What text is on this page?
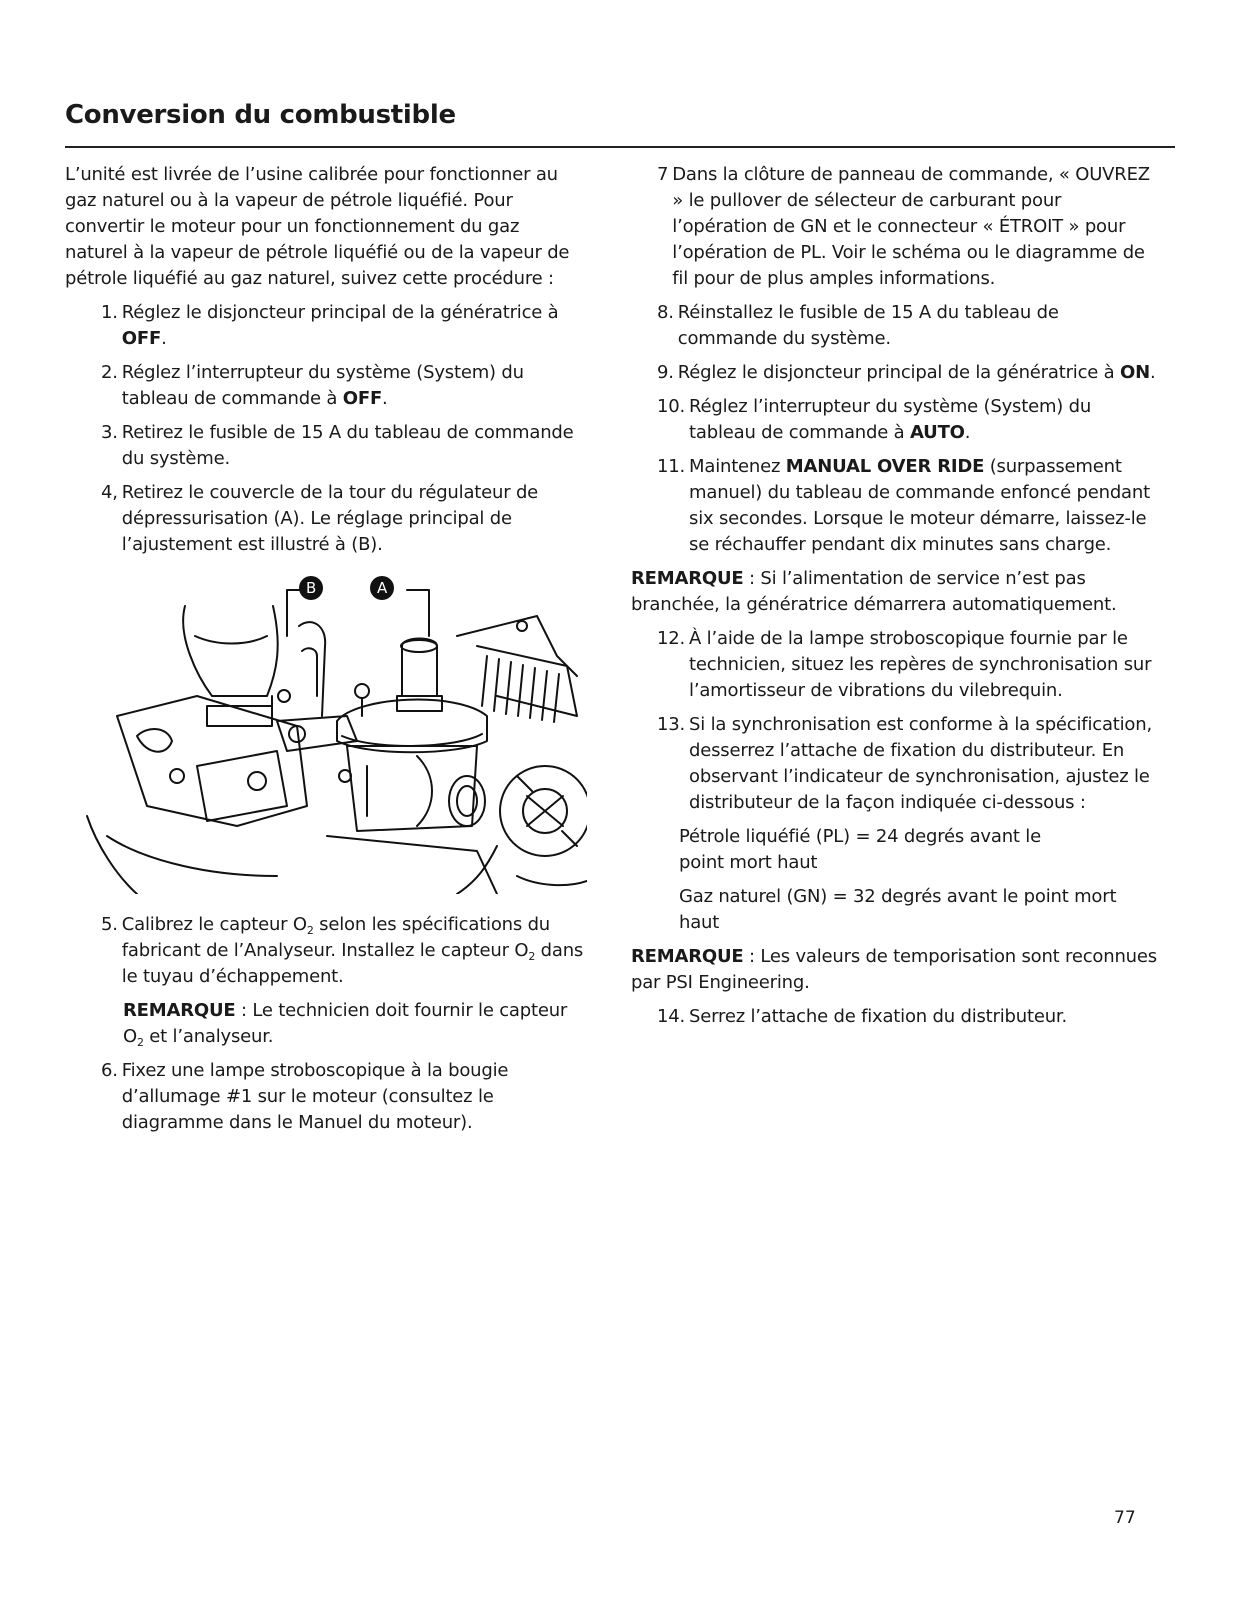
Conversion du combustible

L’unité est livrée de l’usine calibrée pour fonctionner au gaz naturel ou à la vapeur de pétrole liquéfié. Pour convertir le moteur pour un fonctionnement du gaz naturel à la vapeur de pétrole liquéfié ou de la vapeur de pétrole liquéfié au gaz naturel, suivez cette procédure :

1. Réglez le disjoncteur principal de la génératrice à OFF.
2. Réglez l’interrupteur du système (System) du tableau de commande à OFF.
3. Retirez le fusible de 15 A du tableau de commande du système.
4, Retirez le couvercle de la tour du régulateur de dépressurisation (A). Le réglage principal de l’ajustement est illustré à (B).
B	A
5. Calibrez le capteur $O_2$ selon les spécifications du fabricant de l’Analyseur. Installez le capteur $O_2$ dans le tuyau d’échappement.

REMARQUE : Le technicien doit fournir le capteur $O_2$ et l’analyseur.

6. Fixez une lampe stroboscopique à la bougie d’allumage #1 sur le moteur (consultez le diagramme dans le Manuel du moteur).
7 Dans la clôture de panneau de commande, « OUVREZ » le pullover de sélecteur de carburant pour l’opération de GN et le connecteur « ÉTROIT » pour l’opération de PL. Voir le schéma ou le diagramme de fil pour de plus amples informations.
8. Réinstallez le fusible de 15 A du tableau de commande du système.
9. Réglez le disjoncteur principal de la génératrice à ON.
10. Réglez l’interrupteur du système (System) du tableau de commande à AUTO.
11. Maintenez MANUAL OVER RIDE (surpassement manuel) du tableau de commande enfoncé pendant six secondes. Lorsque le moteur démarre, laissez-le se réchauffer pendant dix minutes sans charge.

REMARQUE : Si l’alimentation de service n’est pas branchée, la génératrice démarrera automatiquement.

12. À l’aide de la lampe stroboscopique fournie par le technicien, situez les repères de synchronisation sur l’amortisseur de vibrations du vilebrequin.
13. Si la synchronisation est conforme à la spécification, desserrez l’attache de fixation du distributeur. En observant l’indicateur de synchronisation, ajustez le distributeur de la façon indiquée ci-dessous :

Pétrole liquéfié (PL) = 24 degrés avant le point mort haut

Gaz naturel (GN) = 32 degrés avant le point mort haut

REMARQUE : Les valeurs de temporisation sont reconnues par PSI Engineering.

14. Serrez l’attache de fixation du distributeur.
77
